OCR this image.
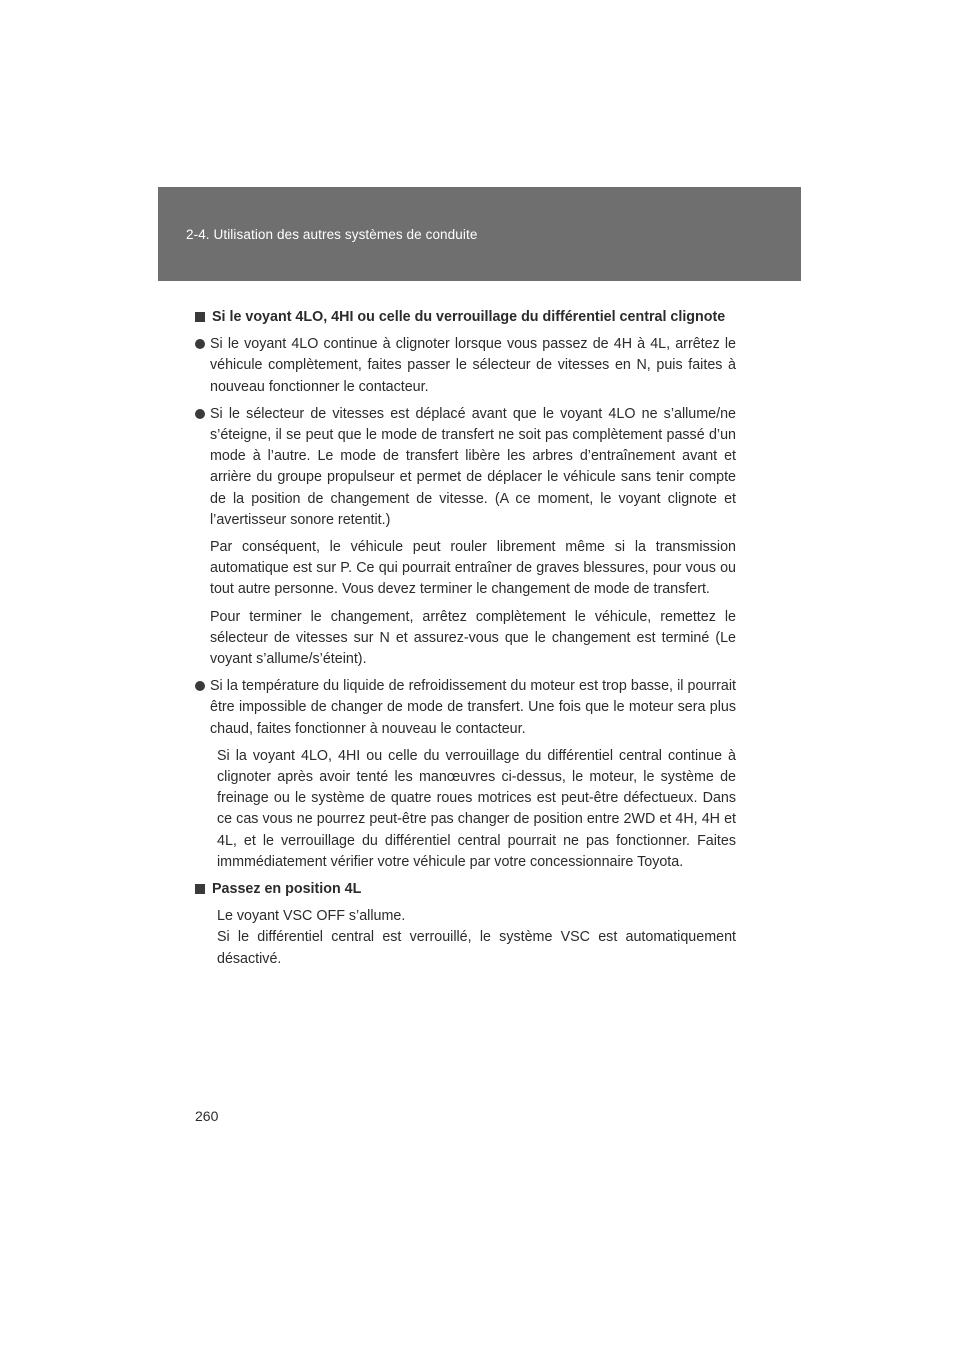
2-4. Utilisation des autres systèmes de conduite
Si le voyant 4LO, 4HI ou celle du verrouillage du différentiel central clignote

Si le voyant 4LO continue à clignoter lorsque vous passez de 4H à 4L, arrêtez le véhicule complètement, faites passer le sélecteur de vitesses en N, puis faites à nouveau fonctionner le contacteur.

Si le sélecteur de vitesses est déplacé avant que le voyant 4LO ne s’allume/ne s’éteigne, il se peut que le mode de transfert ne soit pas complètement passé d’un mode à l’autre. Le mode de transfert libère les arbres d’entraînement avant et arrière du groupe propulseur et permet de déplacer le véhicule sans tenir compte de la position de changement de vitesse. (A ce moment, le voyant clignote et l’avertisseur sonore retentit.)

Par conséquent, le véhicule peut rouler librement même si la transmission automatique est sur P. Ce qui pourrait entraîner de graves blessures, pour vous ou tout autre personne. Vous devez terminer le changement de mode de transfert.

Pour terminer le changement, arrêtez complètement le véhicule, remettez le sélecteur de vitesses sur N et assurez-vous que le changement est terminé (Le voyant s’allume/s’éteint).

Si la température du liquide de refroidissement du moteur est trop basse, il pourrait être impossible de changer de mode de transfert. Une fois que le moteur sera plus chaud, faites fonctionner à nouveau le contacteur.

Si la voyant 4LO, 4HI ou celle du verrouillage du différentiel central continue à clignoter après avoir tenté les manœuvres ci-dessus, le moteur, le système de freinage ou le système de quatre roues motrices est peut-être défectueux. Dans ce cas vous ne pourrez peut-être pas changer de position entre 2WD et 4H, 4H et 4L, et le verrouillage du différentiel central pourrait ne pas fonctionner. Faites immmédiatement vérifier votre véhicule par votre concessionnaire Toyota.

Passez en position 4L

Le voyant VSC OFF s’allume.

Si le différentiel central est verrouillé, le système VSC est automatiquement désactivé.

260
